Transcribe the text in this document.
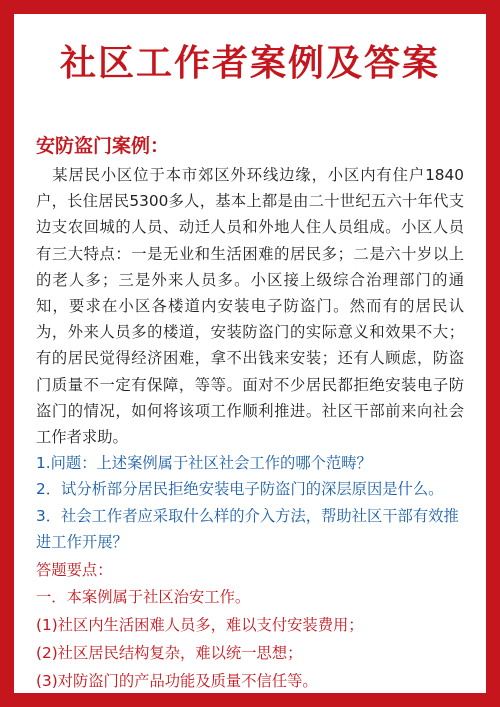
社区工作者案例及答案
安防盗门案例：
 某居民小区位于本市郊区外环线边缘，小区内有住户1840户，长住居民5300多人，基本上都是由二十世纪五六十年代支边支农回城的人员、动迁人员和外地人住人员组成。小区人员有三大特点：一是无业和生活困难的居民多；二是六十岁以上的老人多；三是外来人员多。小区接上级综合治理部门的通知，要求在小区各楼道内安装电子防盗门。然而有的居民认为，外来人员多的楼道，安装防盗门的实际意义和效果不大；有的居民觉得经济困难，拿不出钱来安装；还有人顾虑，防盗门质量不一定有保障，等等。面对不少居民都拒绝安装电子防盗门的情况，如何将该项工作顺利推进。社区干部前来向社会工作者求助。
1.问题：上述案例属于社区社会工作的哪个范畴？
2．试分析部分居民拒绝安装电子防盗门的深层原因是什么。
3．社会工作者应采取什么样的介入方法，帮助社区干部有效推进工作开展？
答题要点：
一．本案例属于社区治安工作。
(1)社区内生活困难人员多，难以支付安装费用；
(2)社区居民结构复杂，难以统一思想；
(3)对防盗门的产品功能及质量不信任等。
